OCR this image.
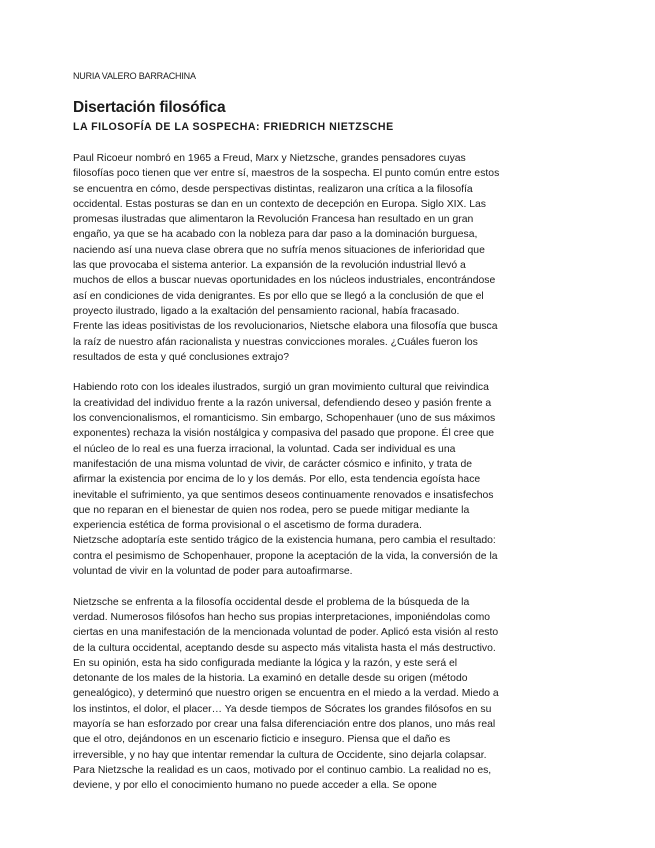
NURIA VALERO BARRACHINA
Disertación filosófica
LA FILOSOFÍA DE LA SOSPECHA: FRIEDRICH NIETZSCHE
Paul Ricoeur nombró en 1965 a Freud, Marx y Nietzsche, grandes pensadores cuyas
filosofías poco tienen que ver entre sí, maestros de la sospecha. El punto común entre estos
se encuentra en cómo, desde perspectivas distintas, realizaron una crítica a la filosofía
occidental. Estas posturas se dan en un contexto de decepción en Europa. Siglo XIX. Las
promesas ilustradas que alimentaron la Revolución Francesa han resultado en un gran
engaño, ya que se ha acabado con la nobleza para dar paso a la dominación burguesa,
naciendo así una nueva clase obrera que no sufría menos situaciones de inferioridad que
las que provocaba el sistema anterior. La expansión de la revolución industrial llevó a
muchos de ellos a buscar nuevas oportunidades en los núcleos industriales, encontrándose
así en condiciones de vida denigrantes. Es por ello que se llegó a la conclusión de que el
proyecto ilustrado, ligado a la exaltación del pensamiento racional, había fracasado.
Frente las ideas positivistas de los revolucionarios, Nietsche elabora una filosofía que busca
la raíz de nuestro afán racionalista y nuestras convicciones morales. ¿Cuáles fueron los
resultados de esta y qué conclusiones extrajo?
Habiendo roto con los ideales ilustrados, surgió un gran movimiento cultural que reivindica
la creatividad del individuo frente a la razón universal, defendiendo deseo y pasión frente a
los convencionalismos, el romanticismo. Sin embargo, Schopenhauer (uno de sus máximos
exponentes) rechaza la visión nostálgica y compasiva del pasado que propone. Él cree que
el núcleo de lo real es una fuerza irracional, la voluntad. Cada ser individual es una
manifestación de una misma voluntad de vivir, de carácter cósmico e infinito, y trata de
afirmar la existencia por encima de lo y los demás. Por ello, esta tendencia egoísta hace
inevitable el sufrimiento, ya que sentimos deseos continuamente renovados e insatisfechos
que no reparan en el bienestar de quien nos rodea, pero se puede mitigar mediante la
experiencia estética de forma provisional o el ascetismo de forma duradera.
Nietzsche adoptaría este sentido trágico de la existencia humana, pero cambia el resultado:
contra el pesimismo de Schopenhauer, propone la aceptación de la vida, la conversión de la
voluntad de vivir en la voluntad de poder para autoafirmarse.
Nietzsche se enfrenta a la filosofía occidental desde el problema de la búsqueda de la
verdad. Numerosos filósofos han hecho sus propias interpretaciones, imponiéndolas como
ciertas en una manifestación de la mencionada voluntad de poder. Aplicó esta visión al resto
de la cultura occidental, aceptando desde su aspecto más vitalista hasta el más destructivo.
En su opinión, esta ha sido configurada mediante la lógica y la razón, y este será el
detonante de los males de la historia. La examinó en detalle desde su origen (método
genealógico), y determinó que nuestro origen se encuentra en el miedo a la verdad. Miedo a
los instintos, el dolor, el placer… Ya desde tiempos de Sócrates los grandes filósofos en su
mayoría se han esforzado por crear una falsa diferenciación entre dos planos, uno más real
que el otro, dejándonos en un escenario ficticio e inseguro. Piensa que el daño es
irreversible, y no hay que intentar remendar la cultura de Occidente, sino dejarla colapsar.
Para Nietzsche la realidad es un caos, motivado por el continuo cambio. La realidad no es,
deviene, y por ello el conocimiento humano no puede acceder a ella. Se opone
